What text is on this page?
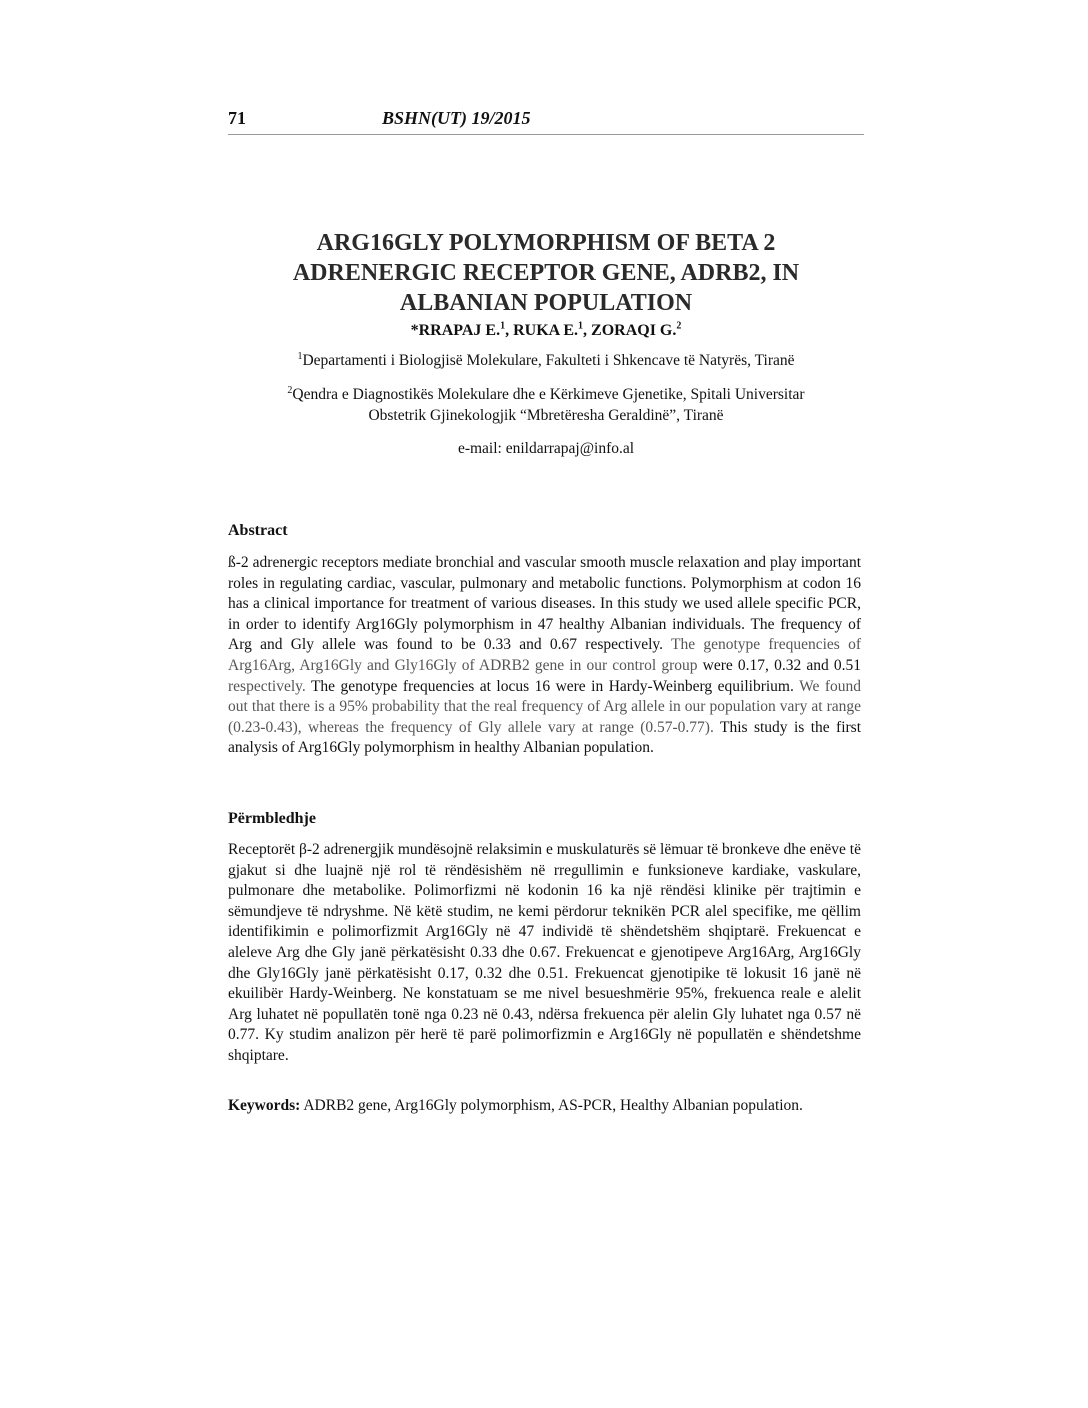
71	BSHN(UT) 19/2015
ARG16GLY POLYMORPHISM OF BETA 2
ADRENERGIC RECEPTOR GENE, ADRB2, IN
ALBANIAN POPULATION
*RRAPAJ E.$^1$, RUKA E.$^1$, ZORAQI G.$^2$
$^1$Departamenti i Biologjisë Molekulare, Fakulteti i Shkencave të Natyrës, Tiranë
$^2$Qendra e Diagnostikës Molekulare dhe e Kërkimeve Gjenetike, Spitali Universitar
Obstetrik Gjinekologjik “Mbretëresha Geraldinë”, Tiranë
e-mail: enildarrapaj@info.al
Abstract
ß-2 adrenergic receptors mediate bronchial and vascular smooth muscle relaxation and play important roles in regulating cardiac, vascular, pulmonary and metabolic functions. Polymorphism at codon 16 has a clinical importance for treatment of various diseases. In this study we used allele specific PCR, in order to identify Arg16Gly polymorphism in 47 healthy Albanian individuals. The frequency of Arg and Gly allele was found to be 0.33 and 0.67 respectively. The genotype frequencies of Arg16Arg, Arg16Gly and Gly16Gly of ADRB2 gene in our control group were 0.17, 0.32 and 0.51 respectively. The genotype frequencies at locus 16 were in Hardy-Weinberg equilibrium. We found out that there is a 95% probability that the real frequency of Arg allele in our population vary at range (0.23-0.43), whereas the frequency of Gly allele vary at range (0.57-0.77). This study is the first analysis of Arg16Gly polymorphism in healthy Albanian population.
Përmbledhje
Receptorët β-2 adrenergjik mundësojnë relaksimin e muskulaturës së lëmuar të bronkeve dhe enëve të gjakut si dhe luajnë një rol të rëndësishëm në rregullimin e funksioneve kardiake, vaskulare, pulmonare dhe metabolike. Polimorfizmi në kodonin 16 ka një rëndësi klinike për trajtimin e sëmundjeve të ndryshme. Në këtë studim, ne kemi përdorur teknikën PCR alel specifike, me qëllim identifikimin e polimorfizmit Arg16Gly në 47 individë të shëndetshëm shqiptarë. Frekuencat e aleleve Arg dhe Gly janë përkatësisht 0.33 dhe 0.67. Frekuencat e gjenotipeve Arg16Arg, Arg16Gly dhe Gly16Gly janë përkatësisht 0.17, 0.32 dhe 0.51. Frekuencat gjenotipike të lokusit 16 janë në ekuilibër Hardy-Weinberg. Ne konstatuam se me nivel besueshmërie 95%, frekuenca reale e alelit Arg luhatet në popullatën tonë nga 0.23 në 0.43, ndërsa frekuenca për alelin Gly luhatet nga 0.57 në 0.77. Ky studim analizon për herë të parë polimorfizmin e Arg16Gly në popullatën e shëndetshme shqiptare.
Keywords: ADRB2 gene, Arg16Gly polymorphism, AS-PCR, Healthy Albanian population.
